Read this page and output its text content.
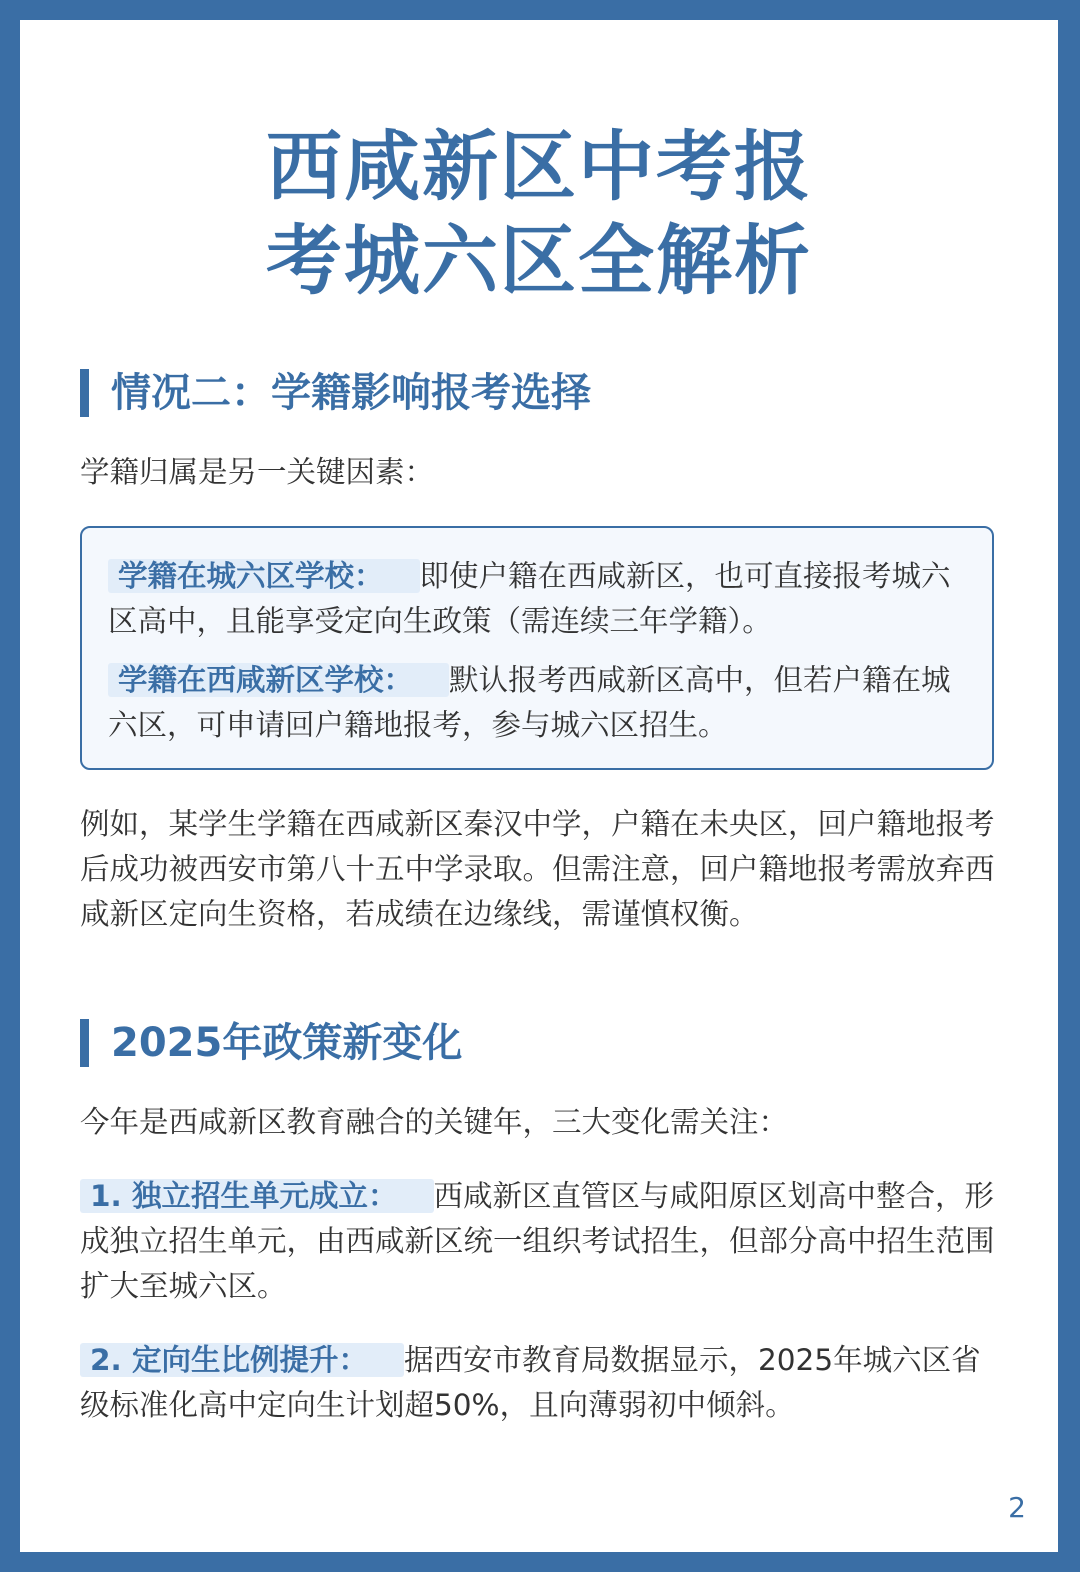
西咸新区中考报
考城六区全解析
情况二：学籍影响报考选择
学籍归属是另一关键因素：
学籍在城六区学校： 即使户籍在西咸新区，也可直接报考城六区高中，且能享受定向生政策（需连续三年学籍）。
学籍在西咸新区学校： 默认报考西咸新区高中，但若户籍在城六区，可申请回户籍地报考，参与城六区招生。
例如，某学生学籍在西咸新区秦汉中学，户籍在未央区，回户籍地报考后成功被西安市第八十五中学录取。但需注意，回户籍地报考需放弃西咸新区定向生资格，若成绩在边缘线，需谨慎权衡。
2025年政策新变化
今年是西咸新区教育融合的关键年，三大变化需关注：
1. 独立招生单元成立： 西咸新区直管区与咸阳原区划高中整合，形成独立招生单元，由西咸新区统一组织考试招生，但部分高中招生范围扩大至城六区。
2. 定向生比例提升： 据西安市教育局数据显示，2025年城六区省级标准化高中定向生计划超50%，且向薄弱初中倾斜。
2
